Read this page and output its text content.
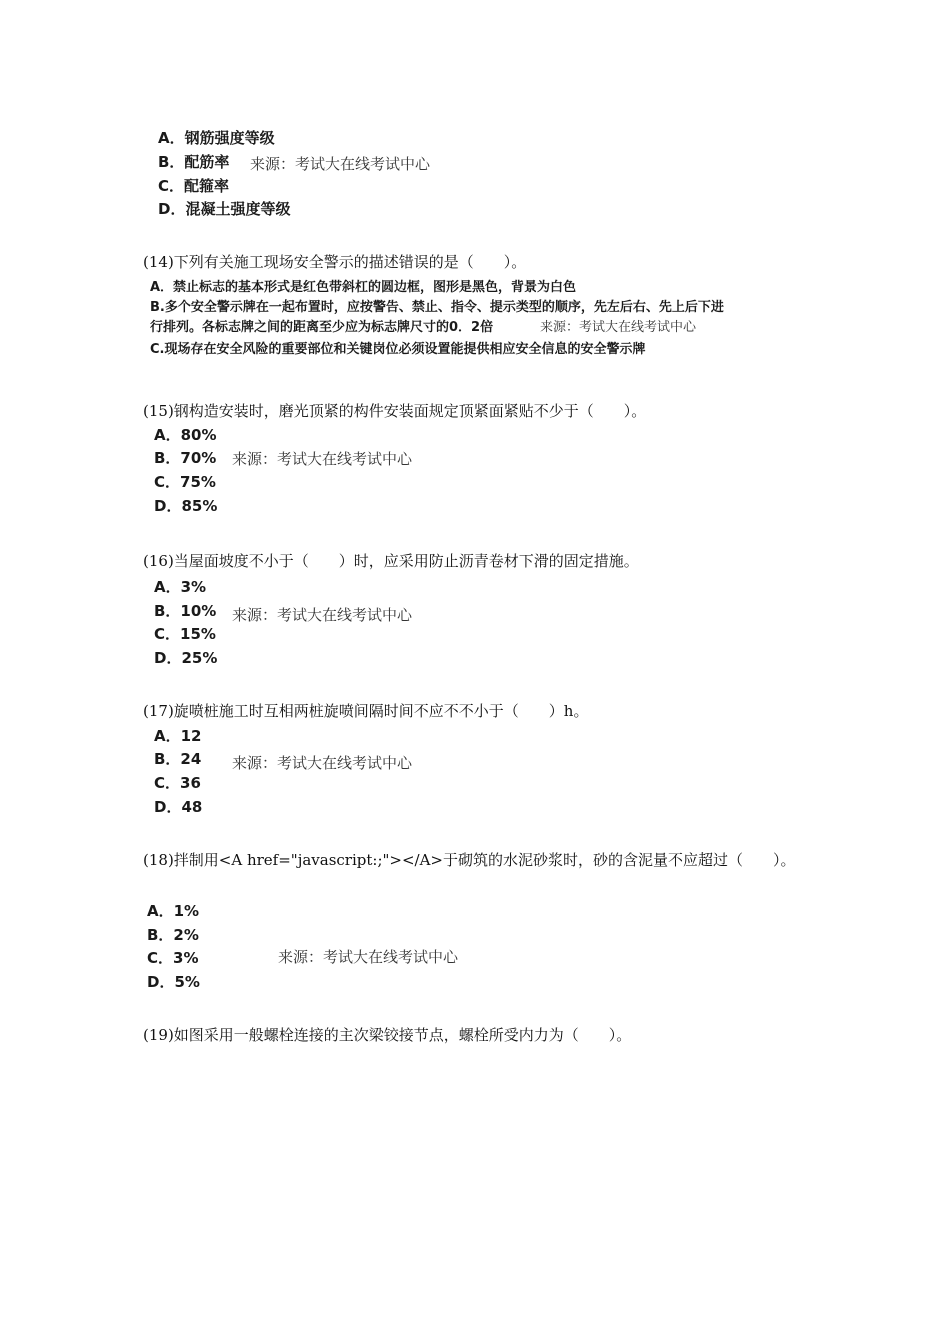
A．钢筋强度等级
B．配筋率 来源：考试大在线考试中心
C．配箍率
D．混凝土强度等级
(14)下列有关施工现场安全警示的描述错误的是（　　）。
A．禁止标志的基本形式是红色带斜杠的圆边框，图形是黑色，背景为白色
B.多个安全警示牌在一起布置时，应按警告、禁止、指令、提示类型的顺序，先左后右、先上后下进
行排列。各标志牌之间的距离至少应为标志牌尺寸的0．2倍	来源：考试大在线考试中心
C.现场存在安全风险的重要部位和关键岗位必须设置能提供相应安全信息的安全警示牌
(15)钢构造安装时，磨光顶紧的构件安装面规定顶紧面紧贴不少于（　　）。
A．80%
B．70% 来源：考试大在线考试中心
C．75%
D．85%
(16)当屋面坡度不小于（　　）时，应采用防止沥青卷材下滑的固定措施。
A．3%
B．10% 来源：考试大在线考试中心
C．15%
D．25%
(17)旋喷桩施工时互相两桩旋喷间隔时间不应不不小于（　　）h。
A．12
B．24 来源：考试大在线考试中心
C．36
D．48
(18)拌制用<A href="javascript:;"></A>于砌筑的水泥砂浆时，砂的含泥量不应超过（　　）。
A．1%
B．2%
C．3%	来源：考试大在线考试中心
D．5%
(19)如图采用一般螺栓连接的主次梁铰接节点，螺栓所受内力为（　　）。
